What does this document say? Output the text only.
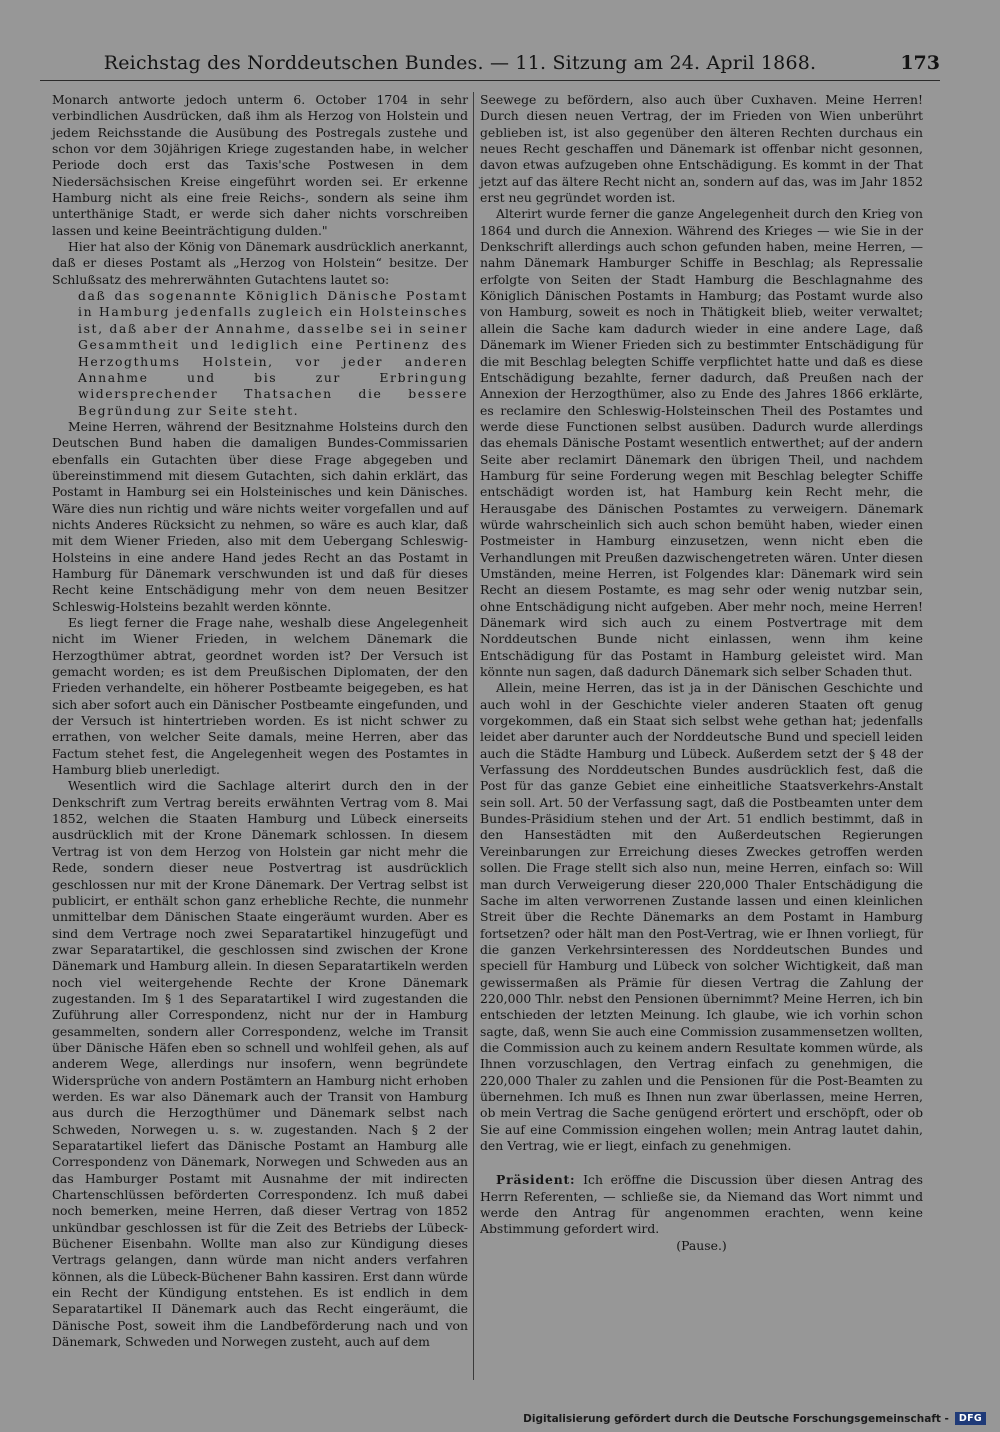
Reichstag des Norddeutschen Bundes. — 11. Sitzung am 24. April 1868.	173

Monarch antworte jedoch unterm 6. October 1704 in sehr verbindlichen Ausdrücken, daß ihm als Herzog von Holstein und jedem Reichsstande die Ausübung des Postregals zustehe und schon vor dem 30jährigen Kriege zugestanden habe, in welcher Periode doch erst das Taxis'sche Postwesen in dem Niedersächsischen Kreise eingeführt worden sei. Er erkenne Hamburg nicht als eine freie Reichs-, sondern als seine ihm unterthänige Stadt, er werde sich daher nichts vorschreiben lassen und keine Beeinträchtigung dulden."

Hier hat also der König von Dänemark ausdrücklich anerkannt, daß er dieses Postamt als „Herzog von Holstein“ besitze. Der Schlußsatz des mehrerwähnten Gutachtens lautet so:

daß das sogenannte Königlich Dänische Postamt in Hamburg jedenfalls zugleich ein Holsteinsches ist, daß aber der Annahme, dasselbe sei in seiner Gesammtheit und lediglich eine Pertinenz des Herzogthums Holstein, vor jeder anderen Annahme und bis zur Erbringung widersprechender Thatsachen die bessere Begründung zur Seite steht.

Meine Herren, während der Besitznahme Holsteins durch den Deutschen Bund haben die damaligen Bundes-Commissarien ebenfalls ein Gutachten über diese Frage abgegeben und übereinstimmend mit diesem Gutachten, sich dahin erklärt, das Postamt in Hamburg sei ein Holsteinisches und kein Dänisches. Wäre dies nun richtig und wäre nichts weiter vorgefallen und auf nichts Anderes Rücksicht zu nehmen, so wäre es auch klar, daß mit dem Wiener Frieden, also mit dem Uebergang Schleswig-Holsteins in eine andere Hand jedes Recht an das Postamt in Hamburg für Dänemark verschwunden ist und daß für dieses Recht keine Entschädigung mehr von dem neuen Besitzer Schleswig-Holsteins bezahlt werden könnte.

Es liegt ferner die Frage nahe, weshalb diese Angelegenheit nicht im Wiener Frieden, in welchem Dänemark die Herzogthümer abtrat, geordnet worden ist? Der Versuch ist gemacht worden; es ist dem Preußischen Diplomaten, der den Frieden verhandelte, ein höherer Postbeamte beigegeben, es hat sich aber sofort auch ein Dänischer Postbeamte eingefunden, und der Versuch ist hintertrieben worden. Es ist nicht schwer zu errathen, von welcher Seite damals, meine Herren, aber das Factum stehet fest, die Angelegenheit wegen des Postamtes in Hamburg blieb unerledigt.

Wesentlich wird die Sachlage alterirt durch den in der Denkschrift zum Vertrag bereits erwähnten Vertrag vom 8. Mai 1852, welchen die Staaten Hamburg und Lübeck einerseits ausdrücklich mit der Krone Dänemark schlossen. In diesem Vertrag ist von dem Herzog von Holstein gar nicht mehr die Rede, sondern dieser neue Postvertrag ist ausdrücklich geschlossen nur mit der Krone Dänemark. Der Vertrag selbst ist publicirt, er enthält schon ganz erhebliche Rechte, die nunmehr unmittelbar dem Dänischen Staate eingeräumt wurden. Aber es sind dem Vertrage noch zwei Separatartikel hinzugefügt und zwar Separatartikel, die geschlossen sind zwischen der Krone Dänemark und Hamburg allein. In diesen Separatartikeln werden noch viel weitergehende Rechte der Krone Dänemark zugestanden. Im § 1 des Separatartikel I wird zugestanden die Zuführung aller Correspondenz, nicht nur der in Hamburg gesammelten, sondern aller Correspondenz, welche im Transit über Dänische Häfen eben so schnell und wohlfeil gehen, als auf anderem Wege, allerdings nur insofern, wenn begründete Widersprüche von andern Postämtern an Hamburg nicht erhoben werden. Es war also Dänemark auch der Transit von Hamburg aus durch die Herzogthümer und Dänemark selbst nach Schweden, Norwegen u. s. w. zugestanden. Nach § 2 der Separatartikel liefert das Dänische Postamt an Hamburg alle Correspondenz von Dänemark, Norwegen und Schweden aus an das Hamburger Postamt mit Ausnahme der mit indirecten Chartenschlüssen beförderten Correspondenz. Ich muß dabei noch bemerken, meine Herren, daß dieser Vertrag von 1852 unkündbar geschlossen ist für die Zeit des Betriebs der Lübeck-Büchener Eisenbahn. Wollte man also zur Kündigung dieses Vertrags gelangen, dann würde man nicht anders verfahren können, als die Lübeck-Büchener Bahn kassiren. Erst dann würde ein Recht der Kündigung entstehen. Es ist endlich in dem Separatartikel II Dänemark auch das Recht eingeräumt, die Dänische Post, soweit ihm die Landbeförderung nach und von Dänemark, Schweden und Norwegen zusteht, auch auf dem

Seewege zu befördern, also auch über Cuxhaven. Meine Herren! Durch diesen neuen Vertrag, der im Frieden von Wien unberührt geblieben ist, ist also gegenüber den älteren Rechten durchaus ein neues Recht geschaffen und Dänemark ist offenbar nicht gesonnen, davon etwas aufzugeben ohne Entschädigung. Es kommt in der That jetzt auf das ältere Recht nicht an, sondern auf das, was im Jahr 1852 erst neu gegründet worden ist.

Alterirt wurde ferner die ganze Angelegenheit durch den Krieg von 1864 und durch die Annexion. Während des Krieges — wie Sie in der Denkschrift allerdings auch schon gefunden haben, meine Herren, — nahm Dänemark Hamburger Schiffe in Beschlag; als Repressalie erfolgte von Seiten der Stadt Hamburg die Beschlagnahme des Königlich Dänischen Postamts in Hamburg; das Postamt wurde also von Hamburg, soweit es noch in Thätigkeit blieb, weiter verwaltet; allein die Sache kam dadurch wieder in eine andere Lage, daß Dänemark im Wiener Frieden sich zu bestimmter Entschädigung für die mit Beschlag belegten Schiffe verpflichtet hatte und daß es diese Entschädigung bezahlte, ferner dadurch, daß Preußen nach der Annexion der Herzogthümer, also zu Ende des Jahres 1866 erklärte, es reclamire den Schleswig-Holsteinschen Theil des Postamtes und werde diese Functionen selbst ausüben. Dadurch wurde allerdings das ehemals Dänische Postamt wesentlich entwerthet; auf der andern Seite aber reclamirt Dänemark den übrigen Theil, und nachdem Hamburg für seine Forderung wegen mit Beschlag belegter Schiffe entschädigt worden ist, hat Hamburg kein Recht mehr, die Herausgabe des Dänischen Postamtes zu verweigern. Dänemark würde wahrscheinlich sich auch schon bemüht haben, wieder einen Postmeister in Hamburg einzusetzen, wenn nicht eben die Verhandlungen mit Preußen dazwischengetreten wären. Unter diesen Umständen, meine Herren, ist Folgendes klar: Dänemark wird sein Recht an diesem Postamte, es mag sehr oder wenig nutzbar sein, ohne Entschädigung nicht aufgeben. Aber mehr noch, meine Herren! Dänemark wird sich auch zu einem Postvertrage mit dem Norddeutschen Bunde nicht einlassen, wenn ihm keine Entschädigung für das Postamt in Hamburg geleistet wird. Man könnte nun sagen, daß dadurch Dänemark sich selber Schaden thut.

Allein, meine Herren, das ist ja in der Dänischen Geschichte und auch wohl in der Geschichte vieler anderen Staaten oft genug vorgekommen, daß ein Staat sich selbst wehe gethan hat; jedenfalls leidet aber darunter auch der Norddeutsche Bund und speciell leiden auch die Städte Hamburg und Lübeck. Außerdem setzt der § 48 der Verfassung des Norddeutschen Bundes ausdrücklich fest, daß die Post für das ganze Gebiet eine einheitliche Staatsverkehrs-Anstalt sein soll. Art. 50 der Verfassung sagt, daß die Postbeamten unter dem Bundes-Präsidium stehen und der Art. 51 endlich bestimmt, daß in den Hansestädten mit den Außerdeutschen Regierungen Vereinbarungen zur Erreichung dieses Zweckes getroffen werden sollen. Die Frage stellt sich also nun, meine Herren, einfach so: Will man durch Verweigerung dieser 220,000 Thaler Entschädigung die Sache im alten verworrenen Zustande lassen und einen kleinlichen Streit über die Rechte Dänemarks an dem Postamt in Hamburg fortsetzen? oder hält man den Post-Vertrag, wie er Ihnen vorliegt, für die ganzen Verkehrsinteressen des Norddeutschen Bundes und speciell für Hamburg und Lübeck von solcher Wichtigkeit, daß man gewissermaßen als Prämie für diesen Vertrag die Zahlung der 220,000 Thlr. nebst den Pensionen übernimmt? Meine Herren, ich bin entschieden der letzten Meinung. Ich glaube, wie ich vorhin schon sagte, daß, wenn Sie auch eine Commission zusammensetzen wollten, die Commission auch zu keinem andern Resultate kommen würde, als Ihnen vorzuschlagen, den Vertrag einfach zu genehmigen, die 220,000 Thaler zu zahlen und die Pensionen für die Post-Beamten zu übernehmen. Ich muß es Ihnen nun zwar überlassen, meine Herren, ob mein Vertrag die Sache genügend erörtert und erschöpft, oder ob Sie auf eine Commission eingehen wollen; mein Antrag lautet dahin, den Vertrag, wie er liegt, einfach zu genehmigen.

Präsident: Ich eröffne die Discussion über diesen Antrag des Herrn Referenten, — schließe sie, da Niemand das Wort nimmt und werde den Antrag für angenommen erachten, wenn keine Abstimmung gefordert wird.

(Pause.)

Digitalisierung gefördert durch die Deutsche Forschungsgemeinschaft -	DFG
